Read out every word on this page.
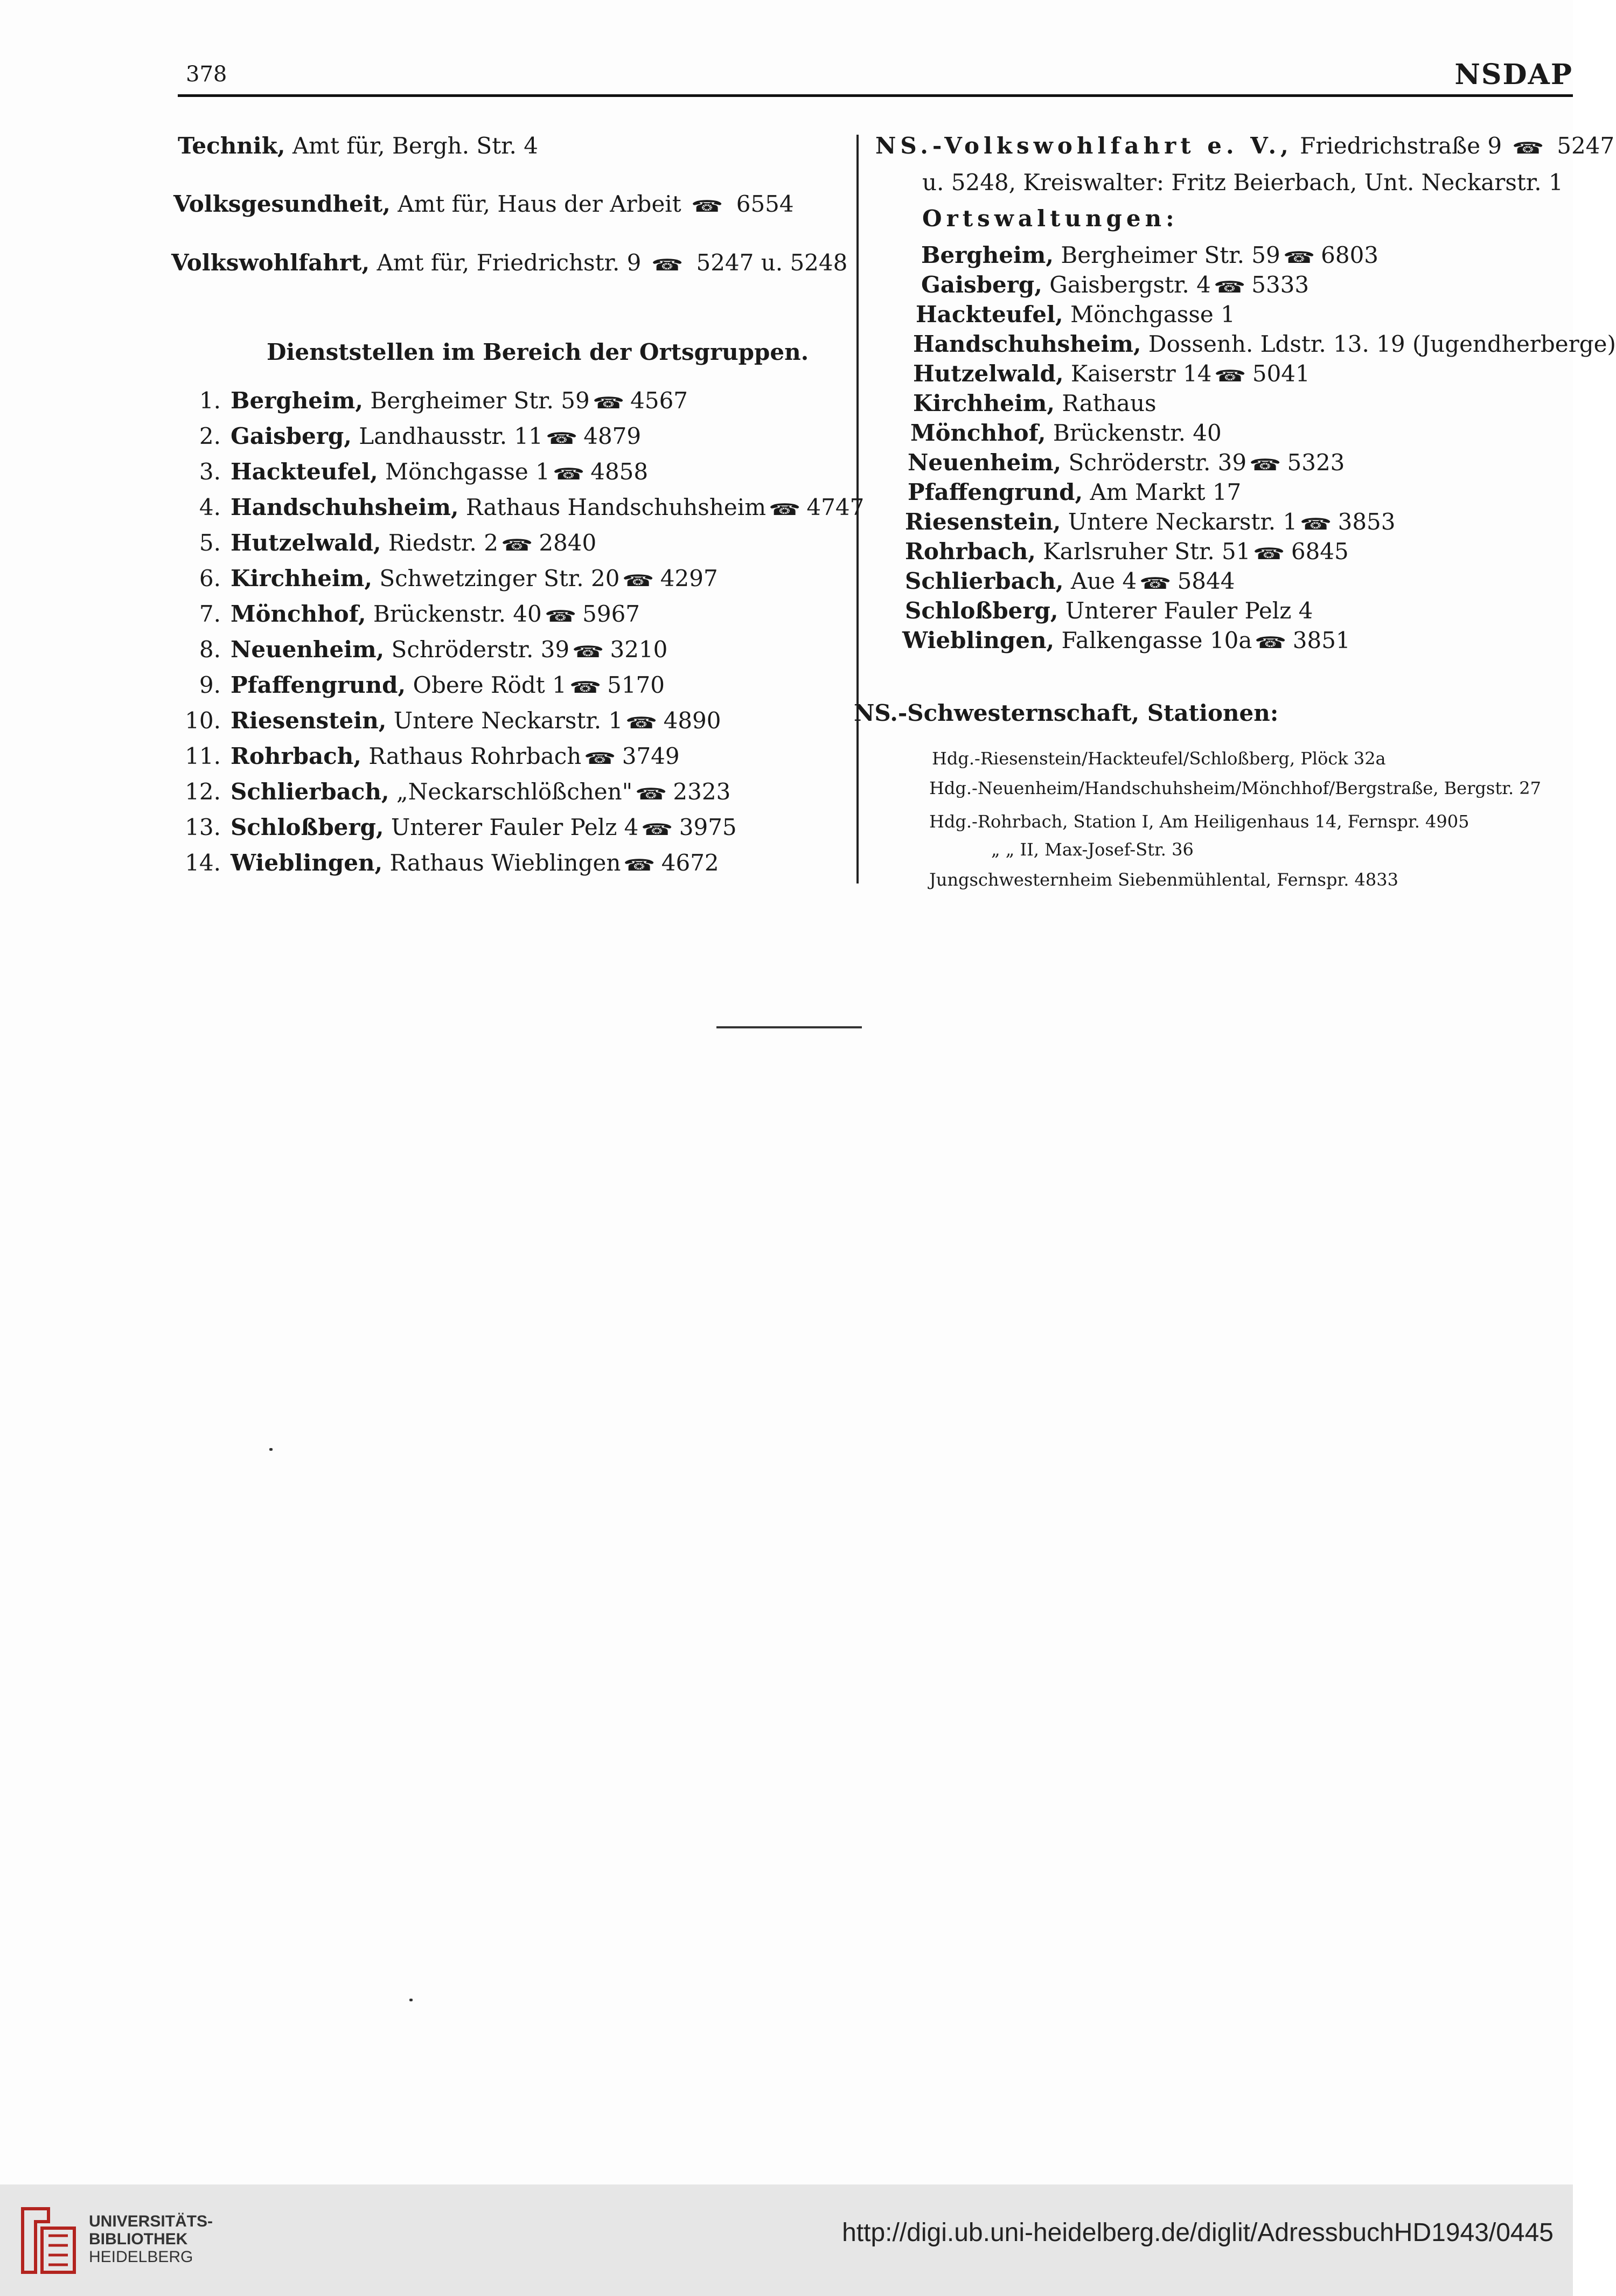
378	NSDAP
Technik, Amt für, Bergh. Str. 4
Volksgesundheit, Amt für, Haus der Arbeit ☎ 6554
Volkswohlfahrt, Amt für, Friedrichstr. 9 ☎ 5247 u. 5248
Dienststellen im Bereich der Ortsgruppen.
1. Bergheim, Bergheimer Str. 59 ☎ 4567
2. Gaisberg, Landhausstr. 11 ☎ 4879
3. Hackteufel, Mönchgasse 1 ☎ 4858
4. Handschuhsheim, Rathaus Handschuhsheim ☎ 4747
5. Hutzelwald, Riedstr. 2 ☎ 2840
6. Kirchheim, Schwetzinger Str. 20 ☎ 4297
7. Mönchhof, Brückenstr. 40 ☎ 5967
8. Neuenheim, Schröderstr. 39 ☎ 3210
9. Pfaffengrund, Obere Rödt 1 ☎ 5170
10. Riesenstein, Untere Neckarstr. 1 ☎ 4890
11. Rohrbach, Rathaus Rohrbach ☎ 3749
12. Schlierbach, „Neckarschlößchen" ☎ 2323
13. Schloßberg, Unterer Fauler Pelz 4 ☎ 3975
14. Wieblingen, Rathaus Wieblingen ☎ 4672
NS.-Volkswohlfahrt e. V., Friedrichstraße 9 ☎ 5247
u. 5248, Kreiswalter: Fritz Beierbach, Unt. Neckarstr. 1
Ortswaltungen:
Bergheim, Bergheimer Str. 59 ☎ 6803
Gaisberg, Gaisbergstr. 4 ☎ 5333
Hackteufel, Mönchgasse 1
Handschuhsheim, Dossenh. Ldstr. 13. 19 (Jugendherberge)
Hutzelwald, Kaiserstr 14 ☎ 5041
Kirchheim, Rathaus
Mönchhof, Brückenstr. 40
Neuenheim, Schröderstr. 39 ☎ 5323
Pfaffengrund, Am Markt 17
Riesenstein, Untere Neckarstr. 1 ☎ 3853
Rohrbach, Karlsruher Str. 51 ☎ 6845
Schlierbach, Aue 4 ☎ 5844
Schloßberg, Unterer Fauler Pelz 4
Wieblingen, Falkengasse 10a ☎ 3851
NS.-Schwesternschaft, Stationen:
Hdg.-Riesenstein/Hackteufel/Schloßberg, Plöck 32a
Hdg.-Neuenheim/Handschuhsheim/Mönchhof/Bergstraße, Bergstr. 27
Hdg.-Rohrbach, Station I, Am Heiligenhaus 14, Fernspr. 4905
„ „ II, Max-Josef-Str. 36
Jungschwesternheim Siebenmühlental, Fernspr. 4833
UNIVERSITÄTS-
BIBLIOTHEK
HEIDELBERG
http://digi.ub.uni-heidelberg.de/diglit/AdressbuchHD1943/0445
